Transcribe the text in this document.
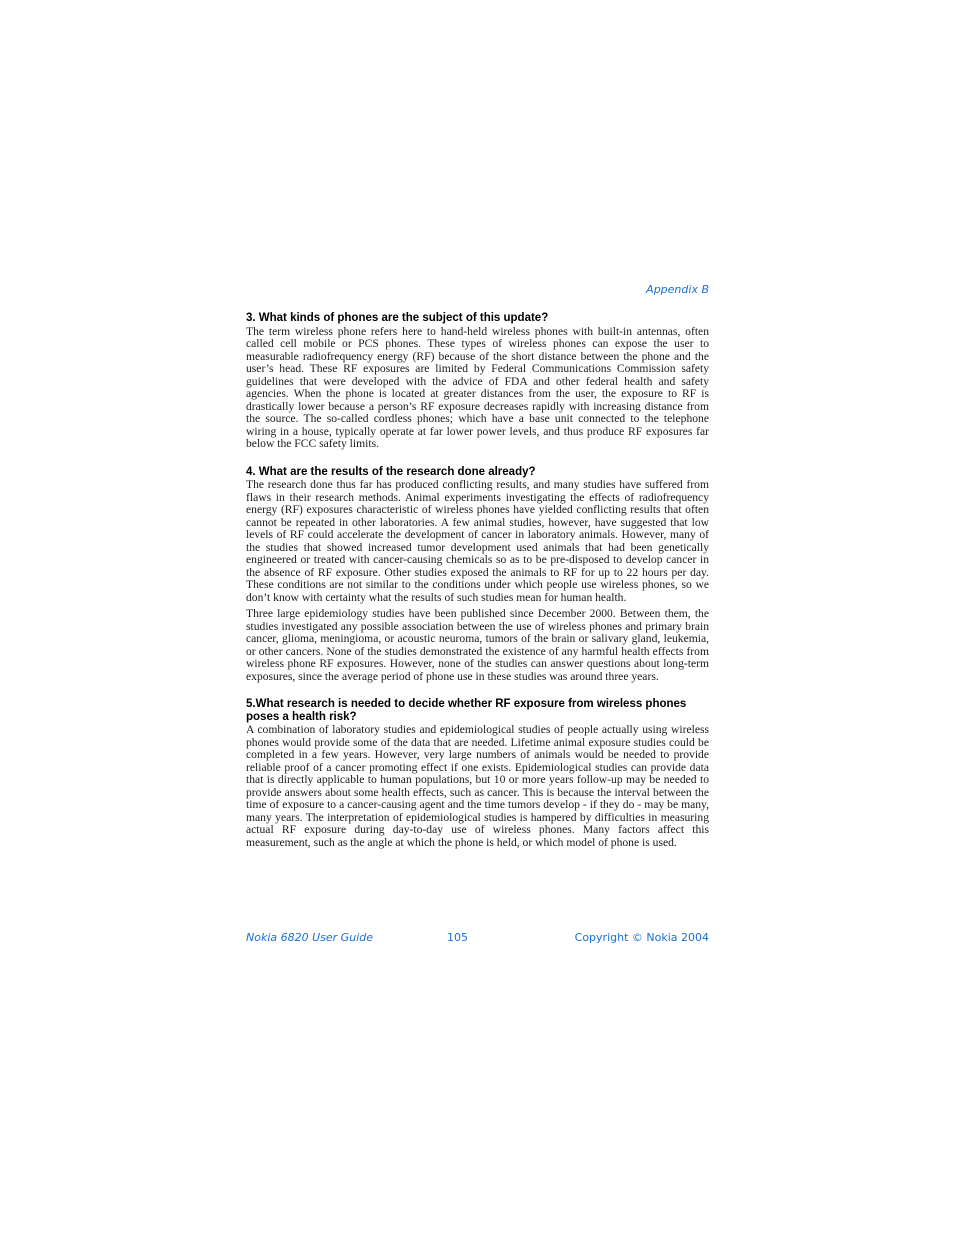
Appendix B
3. What kinds of phones are the subject of this update?

The term wireless phone refers here to hand-held wireless phones with built-in antennas, often called cell mobile or PCS phones. These types of wireless phones can expose the user to measurable radiofrequency energy (RF) because of the short distance between the phone and the user’s head. These RF exposures are limited by Federal Communications Commission safety guidelines that were developed with the advice of FDA and other federal health and safety agencies. When the phone is located at greater distances from the user, the exposure to RF is drastically lower because a person’s RF exposure decreases rapidly with increasing distance from the source. The so-called cordless phones; which have a base unit connected to the telephone wiring in a house, typically operate at far lower power levels, and thus produce RF exposures far below the FCC safety limits.

4. What are the results of the research done already?

The research done thus far has produced conflicting results, and many studies have suffered from flaws in their research methods. Animal experiments investigating the effects of radiofrequency energy (RF) exposures characteristic of wireless phones have yielded conflicting results that often cannot be repeated in other laboratories. A few animal studies, however, have suggested that low levels of RF could accelerate the development of cancer in laboratory animals. However, many of the studies that showed increased tumor development used animals that had been genetically engineered or treated with cancer-causing chemicals so as to be pre-disposed to develop cancer in the absence of RF exposure. Other studies exposed the animals to RF for up to 22 hours per day. These conditions are not similar to the conditions under which people use wireless phones, so we don’t know with certainty what the results of such studies mean for human health.

Three large epidemiology studies have been published since December 2000. Between them, the studies investigated any possible association between the use of wireless phones and primary brain cancer, glioma, meningioma, or acoustic neuroma, tumors of the brain or salivary gland, leukemia, or other cancers. None of the studies demonstrated the existence of any harmful health effects from wireless phone RF exposures. However, none of the studies can answer questions about long-term exposures, since the average period of phone use in these studies was around three years.

5.What research is needed to decide whether RF exposure from wireless phones poses a health risk?

A combination of laboratory studies and epidemiological studies of people actually using wireless phones would provide some of the data that are needed. Lifetime animal exposure studies could be completed in a few years. However, very large numbers of animals would be needed to provide reliable proof of a cancer promoting effect if one exists. Epidemiological studies can provide data that is directly applicable to human populations, but 10 or more years follow-up may be needed to provide answers about some health effects, such as cancer. This is because the interval between the time of exposure to a cancer-causing agent and the time tumors develop - if they do - may be many, many years. The interpretation of epidemiological studies is hampered by difficulties in measuring actual RF exposure during day-to-day use of wireless phones. Many factors affect this measurement, such as the angle at which the phone is held, or which model of phone is used.

Nokia 6820 User Guide	105	Copyright © Nokia 2004
